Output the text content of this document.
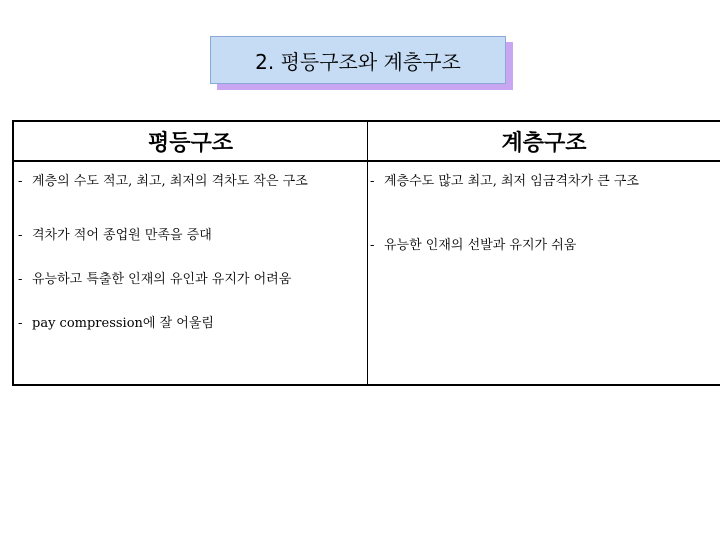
2. 평등구조와 계층구조
평등구조	계층구조
- 계층의 수도 적고, 최고, 최저의 격차도 작은 구조
- 격차가 적어 종업원 만족을 증대
- 유능하고 특출한 인재의 유인과 유지가 어려움
- pay compression에 잘 어울림
- 계층수도 많고 최고, 최저 임금격차가 큰 구조
- 유능한 인재의 선발과 유지가 쉬움
